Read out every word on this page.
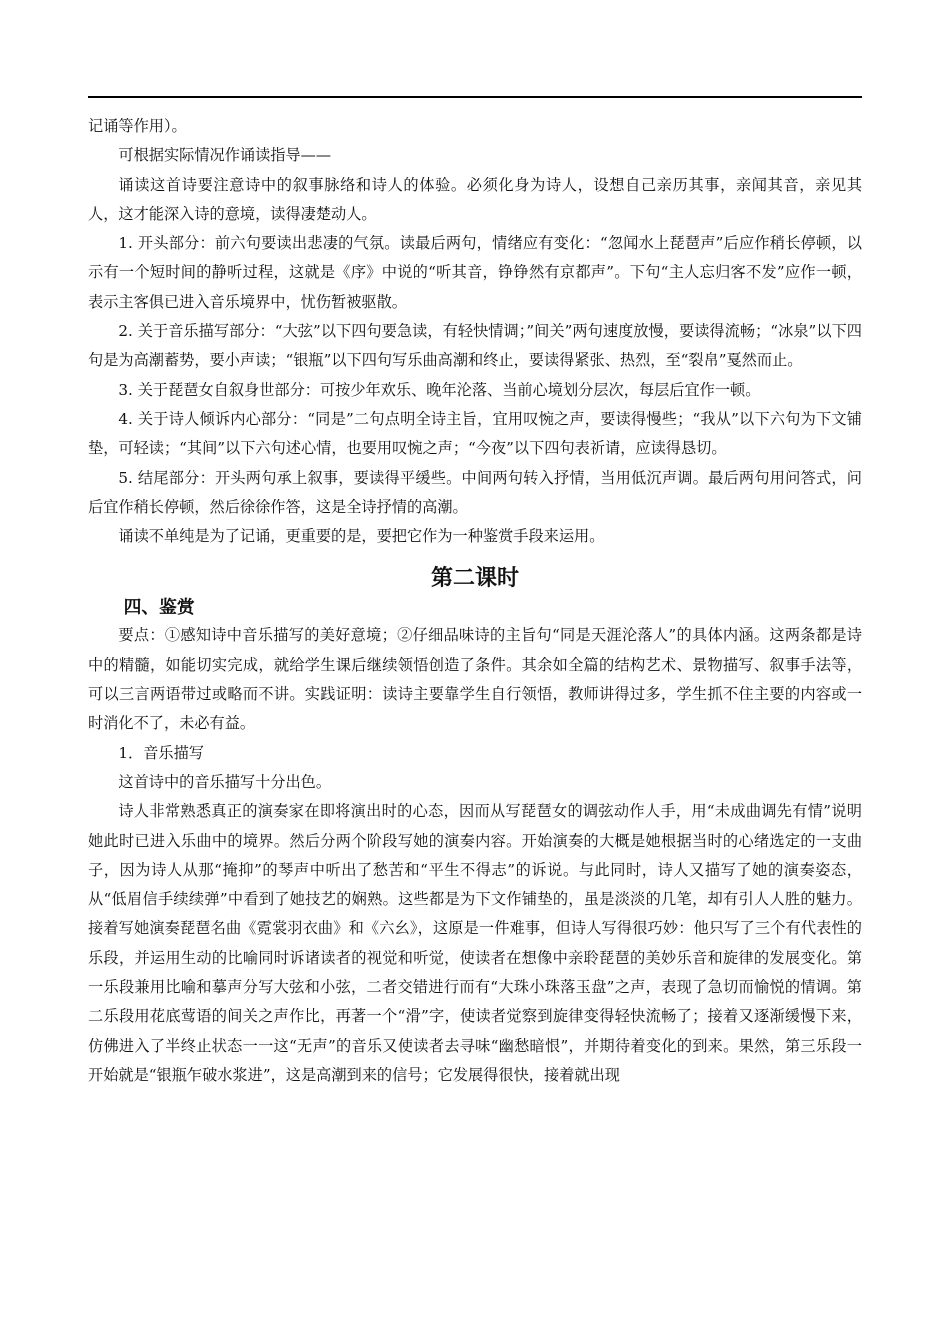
记诵等作用）。

可根据实际情况作诵读指导——

诵读这首诗要注意诗中的叙事脉络和诗人的体验。必须化身为诗人，设想自己亲历其事，亲闻其音，亲见其人，这才能深入诗的意境，读得凄楚动人。

1. 开头部分：前六句要读出悲凄的气氛。读最后两句，情绪应有变化：“忽闻水上琵琶声”后应作稍长停顿，以示有一个短时间的静听过程，这就是《序》中说的“听其音，铮铮然有京都声”。下句“主人忘归客不发”应作一顿，表示主客俱已进入音乐境界中，忧伤暂被驱散。

2. 关于音乐描写部分：“大弦”以下四句要急读，有轻快情调；”间关”两句速度放慢，要读得流畅；“冰泉”以下四句是为高潮蓄势，要小声读；“银瓶”以下四句写乐曲高潮和终止，要读得紧张、热烈，至“裂帛”戛然而止。

3. 关于琵琶女自叙身世部分：可按少年欢乐、晚年沦落、当前心境划分层次，每层后宜作一顿。

4. 关于诗人倾诉内心部分：“同是”二句点明全诗主旨，宜用叹惋之声，要读得慢些；“我从”以下六句为下文铺垫，可轻读；“其间”以下六句述心情，也要用叹惋之声；“今夜”以下四句表祈请，应读得恳切。

5. 结尾部分：开头两句承上叙事，要读得平缓些。中间两句转入抒情，当用低沉声调。最后两句用问答式，问后宜作稍长停顿，然后徐徐作答，这是全诗抒情的高潮。

诵读不单纯是为了记诵，更重要的是，要把它作为一种鉴赏手段来运用。

第二课时
四、鉴赏

要点：①感知诗中音乐描写的美好意境；②仔细品味诗的主旨句“同是天涯沦落人”的具体内涵。这两条都是诗中的精髓，如能切实完成，就给学生课后继续领悟创造了条件。其余如全篇的结构艺术、景物描写、叙事手法等，可以三言两语带过或略而不讲。实践证明：读诗主要靠学生自行领悟，教师讲得过多，学生抓不住主要的内容或一时消化不了，未必有益。

1．音乐描写

这首诗中的音乐描写十分出色。

诗人非常熟悉真正的演奏家在即将演出时的心态，因而从写琵琶女的调弦动作人手，用“未成曲调先有情”说明她此时已进入乐曲中的境界。然后分两个阶段写她的演奏内容。开始演奏的大概是她根据当时的心绪选定的一支曲子，因为诗人从那“掩抑”的琴声中听出了愁苦和“平生不得志”的诉说。与此同时，诗人又描写了她的演奏姿态，从“低眉信手续续弹”中看到了她技艺的娴熟。这些都是为下文作铺垫的，虽是淡淡的几笔，却有引人人胜的魅力。接着写她演奏琵琶名曲《霓裳羽衣曲》和《六幺》，这原是一件难事，但诗人写得很巧妙：他只写了三个有代表性的乐段，并运用生动的比喻同时诉诸读者的视觉和听觉，使读者在想像中亲聆琵琶的美妙乐音和旋律的发展变化。第一乐段兼用比喻和摹声分写大弦和小弦，二者交错进行而有“大珠小珠落玉盘”之声，表现了急切而愉悦的情调。第二乐段用花底莺语的间关之声作比，再著一个“滑”字，使读者觉察到旋律变得轻快流畅了；接着又逐渐缓慢下来，仿佛进入了半终止状态一一这“无声”的音乐又使读者去寻味“幽愁暗恨”，并期待着变化的到来。果然，第三乐段一开始就是“银瓶乍破水浆进”，这是高潮到来的信号；它发展得很快，接着就出现
